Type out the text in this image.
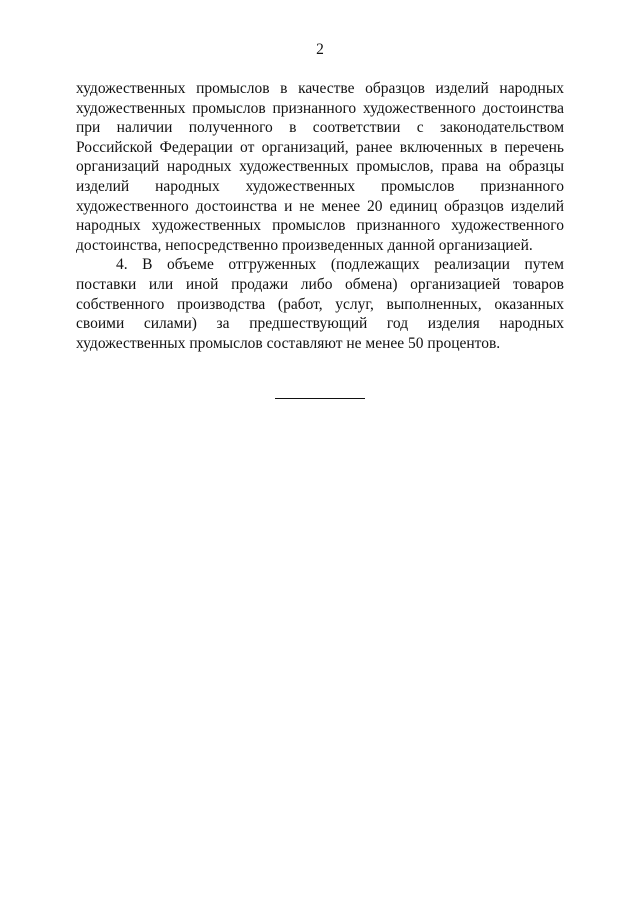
2

художественных промыслов в качестве образцов изделий народных художественных промыслов признанного художественного достоинства при наличии полученного в соответствии с законодательством Российской Федерации от организаций, ранее включенных в перечень организаций народных художественных промыслов, права на образцы изделий народных художественных промыслов признанного художественного достоинства и не менее 20 единиц образцов изделий народных художественных промыслов признанного художественного достоинства, непосредственно произведенных данной организацией.

4. В объеме отгруженных (подлежащих реализации путем поставки или иной продажи либо обмена) организацией товаров собственного производства (работ, услуг, выполненных, оказанных своими силами) за предшествующий год изделия народных художественных промыслов составляют не менее 50 процентов.
